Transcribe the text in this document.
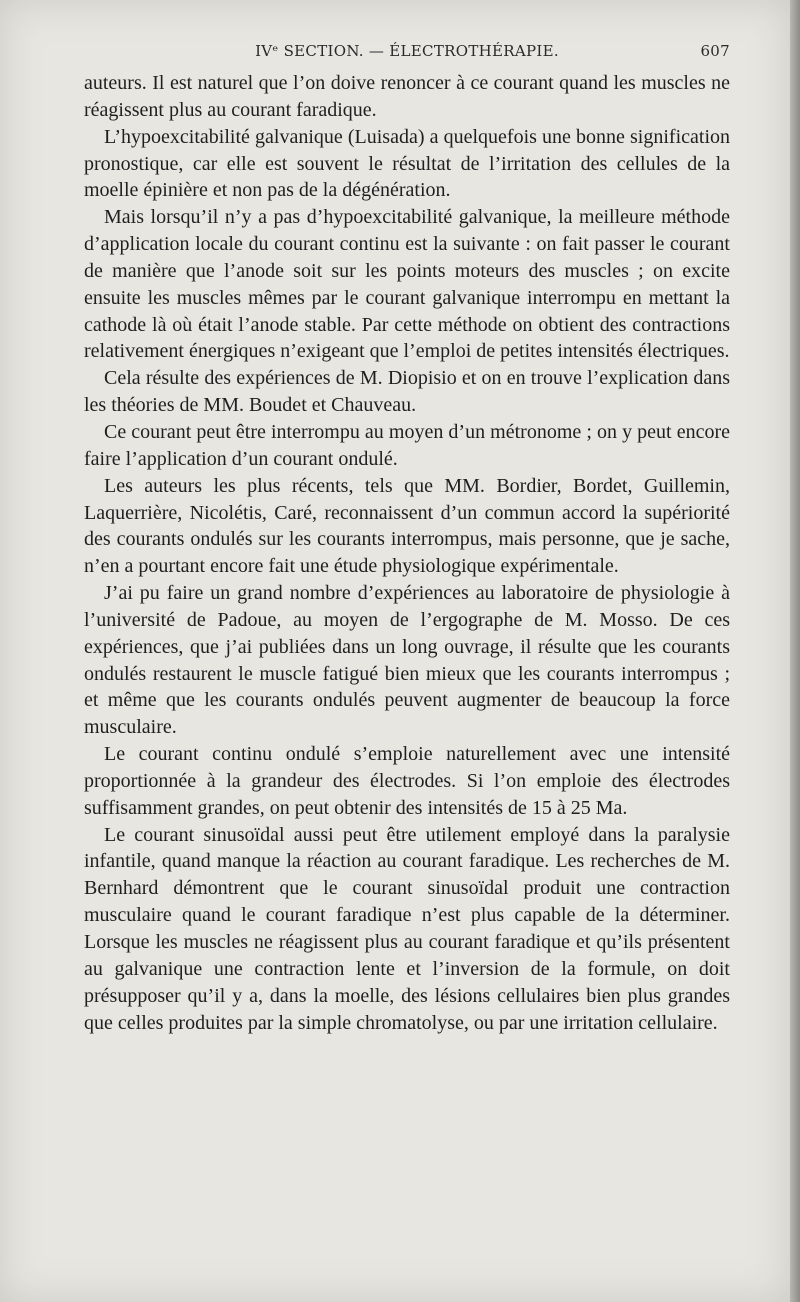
IVᵉ SECTION. — ÉLECTROTHÉRAPIE.	607

auteurs. Il est naturel que l’on doive renoncer à ce courant quand les muscles ne réagissent plus au courant faradique.

L’hypoexcitabilité galvanique (Luisada) a quelquefois une bonne signification pronostique, car elle est souvent le résultat de l’irritation des cellules de la moelle épinière et non pas de la dégénération.

Mais lorsqu’il n’y a pas d’hypoexcitabilité galvanique, la meilleure méthode d’application locale du courant continu est la suivante : on fait passer le courant de manière que l’anode soit sur les points moteurs des muscles ; on excite ensuite les muscles mêmes par le courant galvanique interrompu en mettant la cathode là où était l’anode stable. Par cette méthode on obtient des contractions relativement énergiques n’exigeant que l’emploi de petites intensités électriques.

Cela résulte des expériences de M. Diopisio et on en trouve l’explication dans les théories de MM. Boudet et Chauveau.

Ce courant peut être interrompu au moyen d’un métronome ; on y peut encore faire l’application d’un courant ondulé.

Les auteurs les plus récents, tels que MM. Bordier, Bordet, Guillemin, Laquerrière, Nicolétis, Caré, reconnaissent d’un commun accord la supériorité des courants ondulés sur les courants interrompus, mais personne, que je sache, n’en a pourtant encore fait une étude physiologique expérimentale.

J’ai pu faire un grand nombre d’expériences au laboratoire de physiologie à l’université de Padoue, au moyen de l’ergographe de M. Mosso. De ces expériences, que j’ai publiées dans un long ouvrage, il résulte que les courants ondulés restaurent le muscle fatigué bien mieux que les courants interrompus ; et même que les courants ondulés peuvent augmenter de beaucoup la force musculaire.

Le courant continu ondulé s’emploie naturellement avec une intensité proportionnée à la grandeur des électrodes. Si l’on emploie des électrodes suffisamment grandes, on peut obtenir des intensités de 15 à 25 Ma.

Le courant sinusoïdal aussi peut être utilement employé dans la paralysie infantile, quand manque la réaction au courant faradique. Les recherches de M. Bernhard démontrent que le courant sinusoïdal produit une contraction musculaire quand le courant faradique n’est plus capable de la déterminer. Lorsque les muscles ne réagissent plus au courant faradique et qu’ils présentent au galvanique une contraction lente et l’inversion de la formule, on doit présupposer qu’il y a, dans la moelle, des lésions cellulaires bien plus grandes que celles produites par la simple chromatolyse, ou par une irritation cellulaire.
